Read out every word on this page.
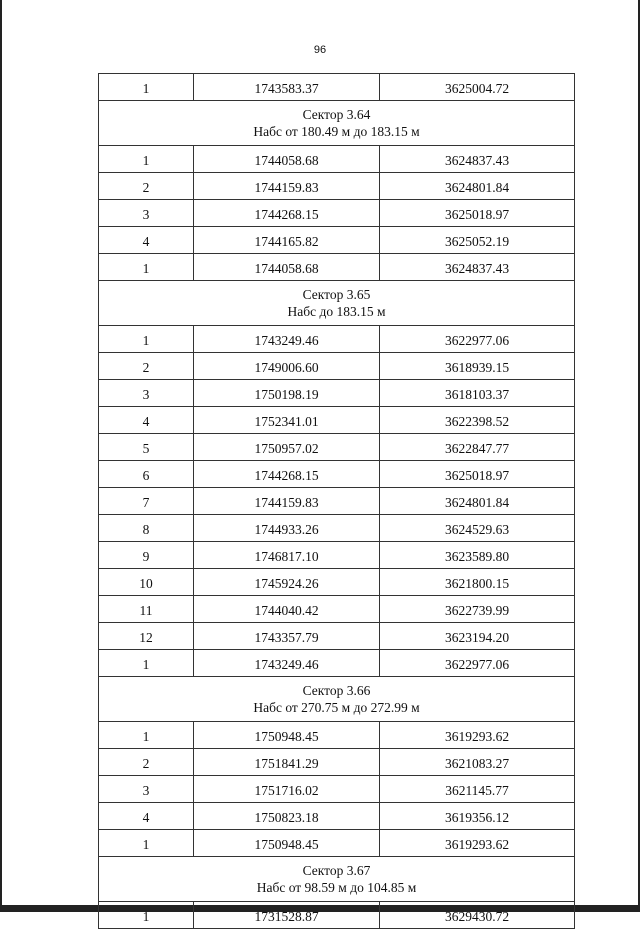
96
1	1743583.37	3625004.72

Сектор 3.64
Набс от 180.49 м до 183.15 м		

1	1744058.68	3624837.43
2	1744159.83	3624801.84
3	1744268.15	3625018.97
4	1744165.82	3625052.19
1	1744058.68	3624837.43

Сектор 3.65
Набс до 183.15 м		

1	1743249.46	3622977.06
2	1749006.60	3618939.15
3	1750198.19	3618103.37
4	1752341.01	3622398.52
5	1750957.02	3622847.77
6	1744268.15	3625018.97
7	1744159.83	3624801.84
8	1744933.26	3624529.63
9	1746817.10	3623589.80
10	1745924.26	3621800.15
11	1744040.42	3622739.99
12	1743357.79	3623194.20
1	1743249.46	3622977.06

Сектор 3.66
Набс от 270.75 м до 272.99 м		

1	1750948.45	3619293.62
2	1751841.29	3621083.27
3	1751716.02	3621145.77
4	1750823.18	3619356.12
1	1750948.45	3619293.62

Сектор 3.67
Набс от 98.59 м до 104.85 м		

1	1731528.87	3629430.72
